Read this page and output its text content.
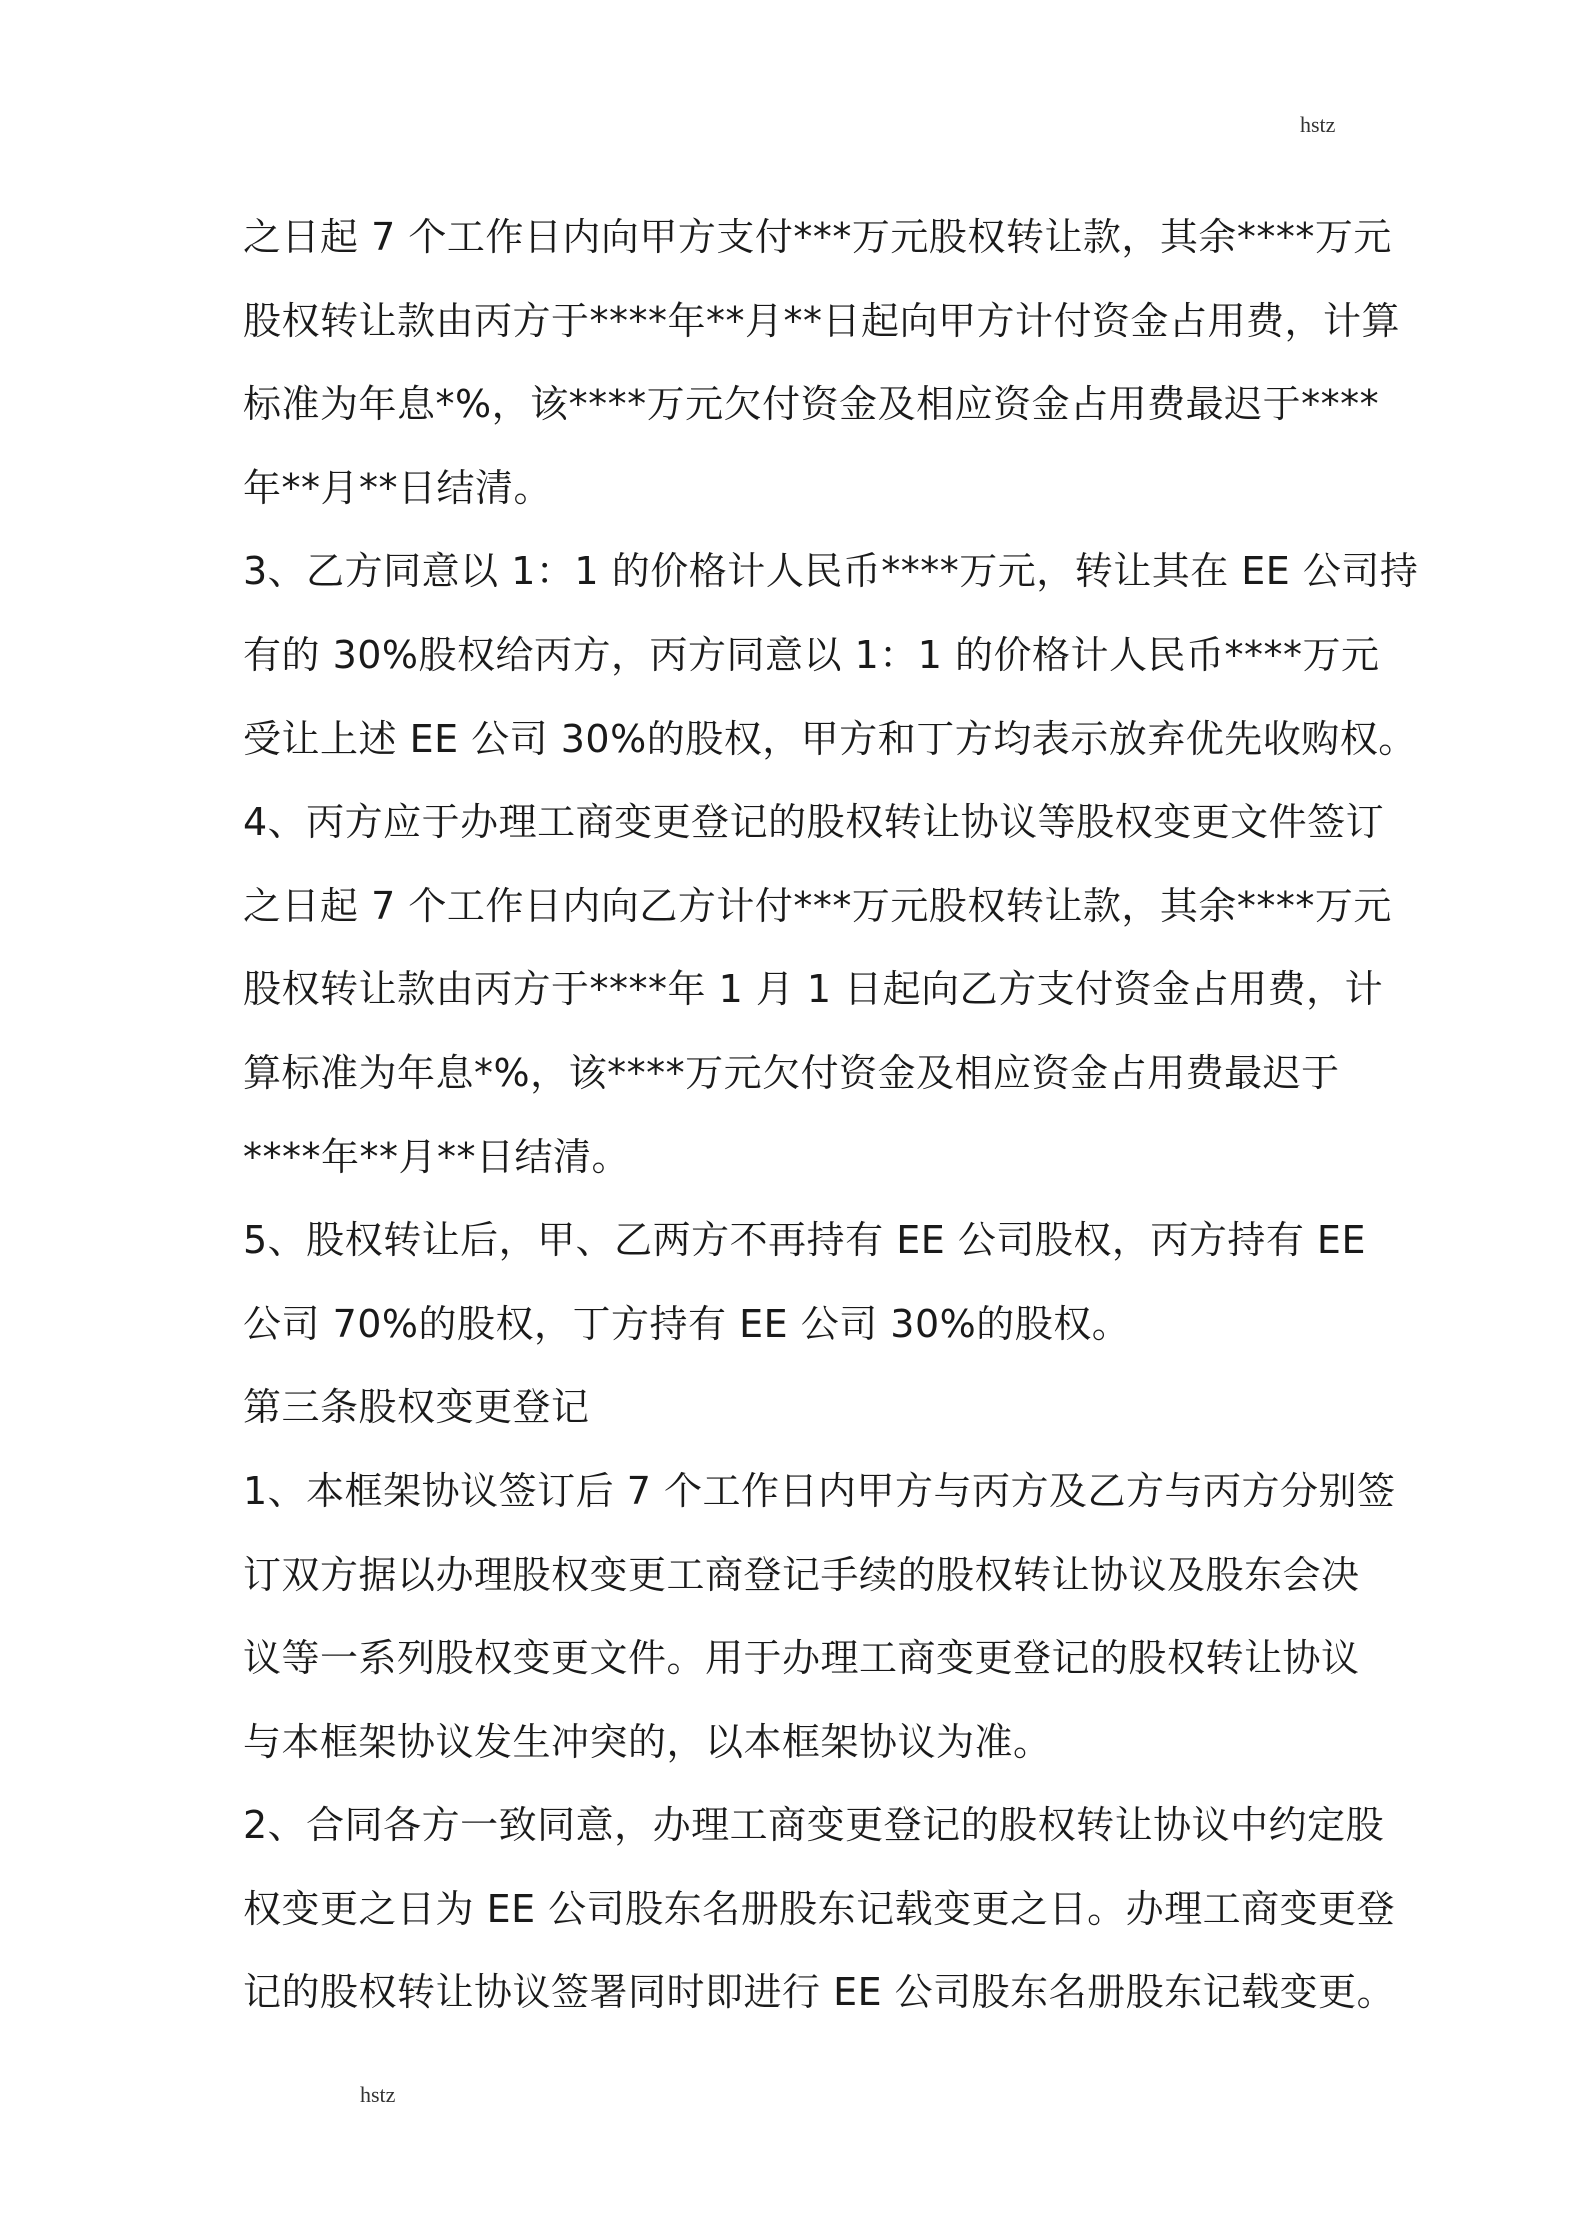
hstz
之日起 7 个工作日内向甲方支付***万元股权转让款，其余****万元
股权转让款由丙方于****年**月**日起向甲方计付资金占用费，计算
标准为年息*%，该****万元欠付资金及相应资金占用费最迟于****
年**月**日结清。
3、乙方同意以 1：1 的价格计人民币****万元，转让其在 EE 公司持
有的 30%股权给丙方，丙方同意以 1：1 的价格计人民币****万元
受让上述 EE 公司 30%的股权，甲方和丁方均表示放弃优先收购权。
4、丙方应于办理工商变更登记的股权转让协议等股权变更文件签订
之日起 7 个工作日内向乙方计付***万元股权转让款，其余****万元
股权转让款由丙方于****年 1 月 1 日起向乙方支付资金占用费，计
算标准为年息*%，该****万元欠付资金及相应资金占用费最迟于
****年**月**日结清。
5、股权转让后，甲、乙两方不再持有 EE 公司股权，丙方持有 EE
公司 70%的股权，丁方持有 EE 公司 30%的股权。
第三条股权变更登记
1、本框架协议签订后 7 个工作日内甲方与丙方及乙方与丙方分别签
订双方据以办理股权变更工商登记手续的股权转让协议及股东会决
议等一系列股权变更文件。用于办理工商变更登记的股权转让协议
与本框架协议发生冲突的，以本框架协议为准。
2、合同各方一致同意，办理工商变更登记的股权转让协议中约定股
权变更之日为 EE 公司股东名册股东记载变更之日。办理工商变更登
记的股权转让协议签署同时即进行 EE 公司股东名册股东记载变更。
hstz
